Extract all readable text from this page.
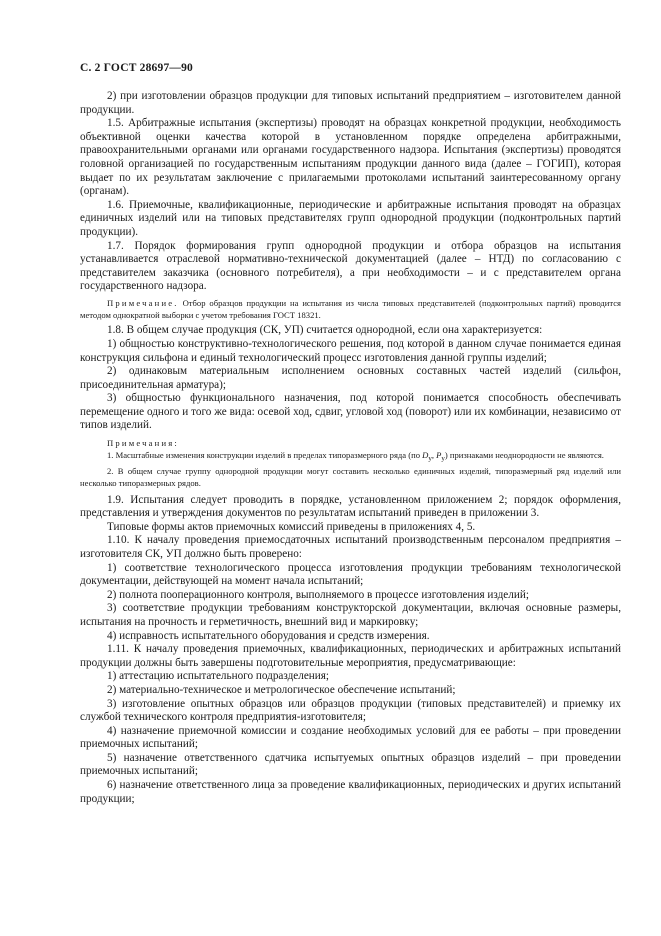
С. 2 ГОСТ 28697—90

2) при изготовлении образцов продукции для типовых испытаний предприятием – изготовителем данной продукции.

1.5. Арбитражные испытания (экспертизы) проводят на образцах конкретной продукции, необходимость объективной оценки качества которой в установленном порядке определена арбитражными, правоохранительными органами или органами государственного надзора. Испытания (экспертизы) проводятся головной организацией по государственным испытаниям продукции данного вида (далее – ГОГИП), которая выдает по их результатам заключение с прилагаемыми протоколами испытаний заинтересованному органу (органам).

1.6. Приемочные, квалификационные, периодические и арбитражные испытания проводят на образцах единичных изделий или на типовых представителях групп однородной продукции (подконтрольных партий продукции).

1.7. Порядок формирования групп однородной продукции и отбора образцов на испытания устанавливается отраслевой нормативно-технической документацией (далее – НТД) по согласованию с представителем заказчика (основного потребителя), а при необходимости – и с представителем органа государственного надзора.

Примечание. Отбор образцов продукции на испытания из числа типовых представителей (подконтрольных партий) проводится методом однократной выборки с учетом требования ГОСТ 18321.

1.8. В общем случае продукция (СК, УП) считается однородной, если она характеризуется:

1) общностью конструктивно-технологического решения, под которой в данном случае понимается единая конструкция сильфона и единый технологический процесс изготовления данной группы изделий;

2) одинаковым материальным исполнением основных составных частей изделий (сильфон, присоединительная арматура);

3) общностью функционального назначения, под которой понимается способность обеспечивать перемещение одного и того же вида: осевой ход, сдвиг, угловой ход (поворот) или их комбинации, независимо от типов изделий.

Примечания:

1. Масштабные изменения конструкции изделий в пределах типоразмерного ряда (по $D_у$, $P_у$) признаками неоднородности не являются.

2. В общем случае группу однородной продукции могут составить несколько единичных изделий, типоразмерный ряд изделий или несколько типоразмерных рядов.

1.9. Испытания следует проводить в порядке, установленном приложением 2; порядок оформления, представления и утверждения документов по результатам испытаний приведен в приложении 3.

Типовые формы актов приемочных комиссий приведены в приложениях 4, 5.

1.10. К началу проведения приемосдаточных испытаний производственным персоналом предприятия – изготовителя СК, УП должно быть проверено:

1) соответствие технологического процесса изготовления продукции требованиям технологической документации, действующей на момент начала испытаний;

2) полнота пооперационного контроля, выполняемого в процессе изготовления изделий;

3) соответствие продукции требованиям конструкторской документации, включая основные размеры, испытания на прочность и герметичность, внешний вид и маркировку;

4) исправность испытательного оборудования и средств измерения.

1.11. К началу проведения приемочных, квалификационных, периодических и арбитражных испытаний продукции должны быть завершены подготовительные мероприятия, предусматривающие:

1) аттестацию испытательного подразделения;

2) материально-техническое и метрологическое обеспечение испытаний;

3) изготовление опытных образцов или образцов продукции (типовых представителей) и приемку их службой технического контроля предприятия-изготовителя;

4) назначение приемочной комиссии и создание необходимых условий для ее работы – при проведении приемочных испытаний;

5) назначение ответственного сдатчика испытуемых опытных образцов изделий – при проведении приемочных испытаний;

6) назначение ответственного лица за проведение квалификационных, периодических и других испытаний продукции;
